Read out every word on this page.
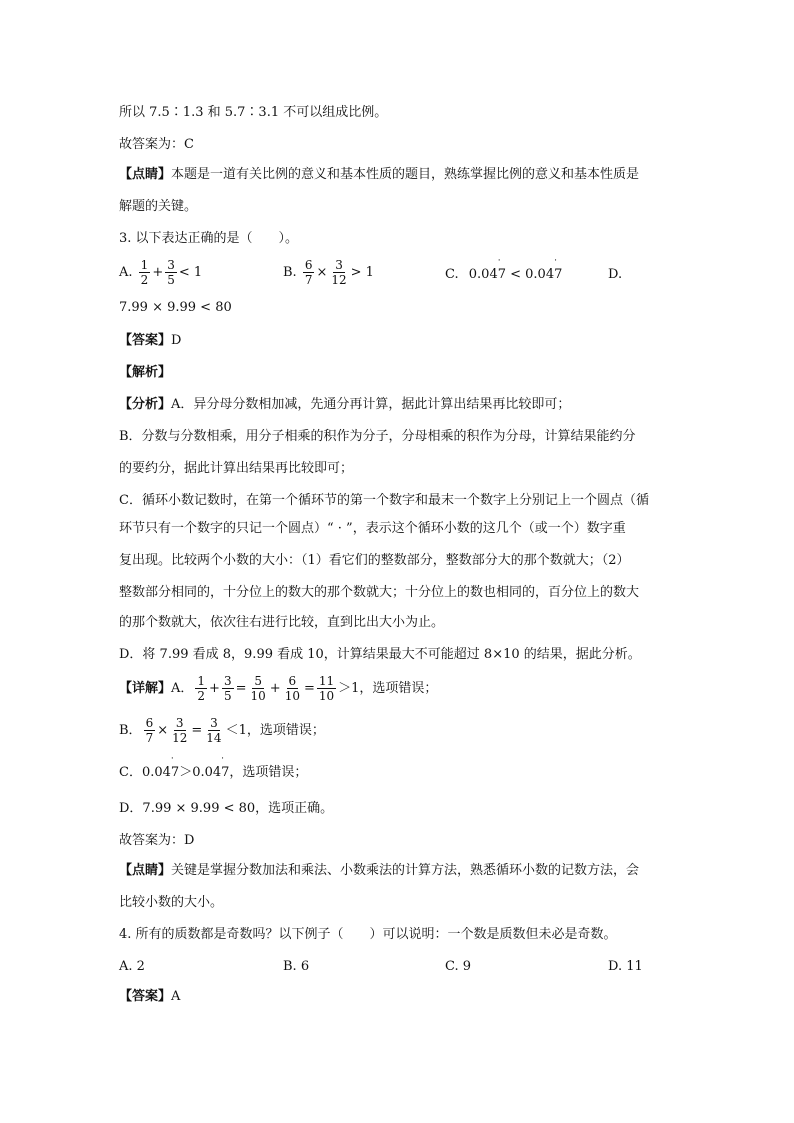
所以 7.5∶1.3 和 5.7∶3.1 不可以组成比例。
故答案为：C
【点睛】本题是一道有关比例的意义和基本性质的题目，熟练掌握比例的意义和基本性质是
解题的关键。
3. 以下表达正确的是（　　）。
A. $\frac{1}{2} + \frac{3}{5} < 1$	B. $\frac{6}{7} \times \frac{3}{12} > 1$	C. 0.04
·
7 < 0.04
·
7	D.
7.99 × 9.99 < 80
【答案】D
【解析】
【分析】A．异分母分数相加减，先通分再计算，据此计算出结果再比较即可；
B．分数与分数相乘，用分子相乘的积作为分子，分母相乘的积作为分母，计算结果能约分
的要约分，据此计算出结果再比较即可；
C．循环小数记数时，在第一个循环节的第一个数字和最末一个数字上分别记上一个圆点（循
环节只有一个数字的只记一个圆点）“ · ”，表示这个循环小数的这几个（或一个）数字重
复出现。比较两个小数的大小：（1）看它们的整数部分，整数部分大的那个数就大；（2）
整数部分相同的，十分位上的数大的那个数就大；十分位上的数也相同的，百分位上的数大
的那个数就大，依次往右进行比较，直到比出大小为止。
D．将 7.99 看成 8，9.99 看成 10，计算结果最大不可能超过 8×10 的结果，据此分析。
【详解】A． $\frac{1}{2} + \frac{3}{5} = \frac{5}{10} + \frac{6}{10} = \frac{11}{10} >1$，选项错误；
B． $\frac{6}{7} \times \frac{3}{12} = \frac{3}{14} <1$，选项错误；
C．0.04
·
7＞0.04
·
7，选项错误；
D．7.99 × 9.99 < 80，选项正确。
故答案为：D
【点睛】关键是掌握分数加法和乘法、小数乘法的计算方法，熟悉循环小数的记数方法，会
比较小数的大小。
4. 所有的质数都是奇数吗？以下例子（　　）可以说明：一个数是质数但未必是奇数。
A. 2	B. 6	C. 9	D. 11
【答案】A
